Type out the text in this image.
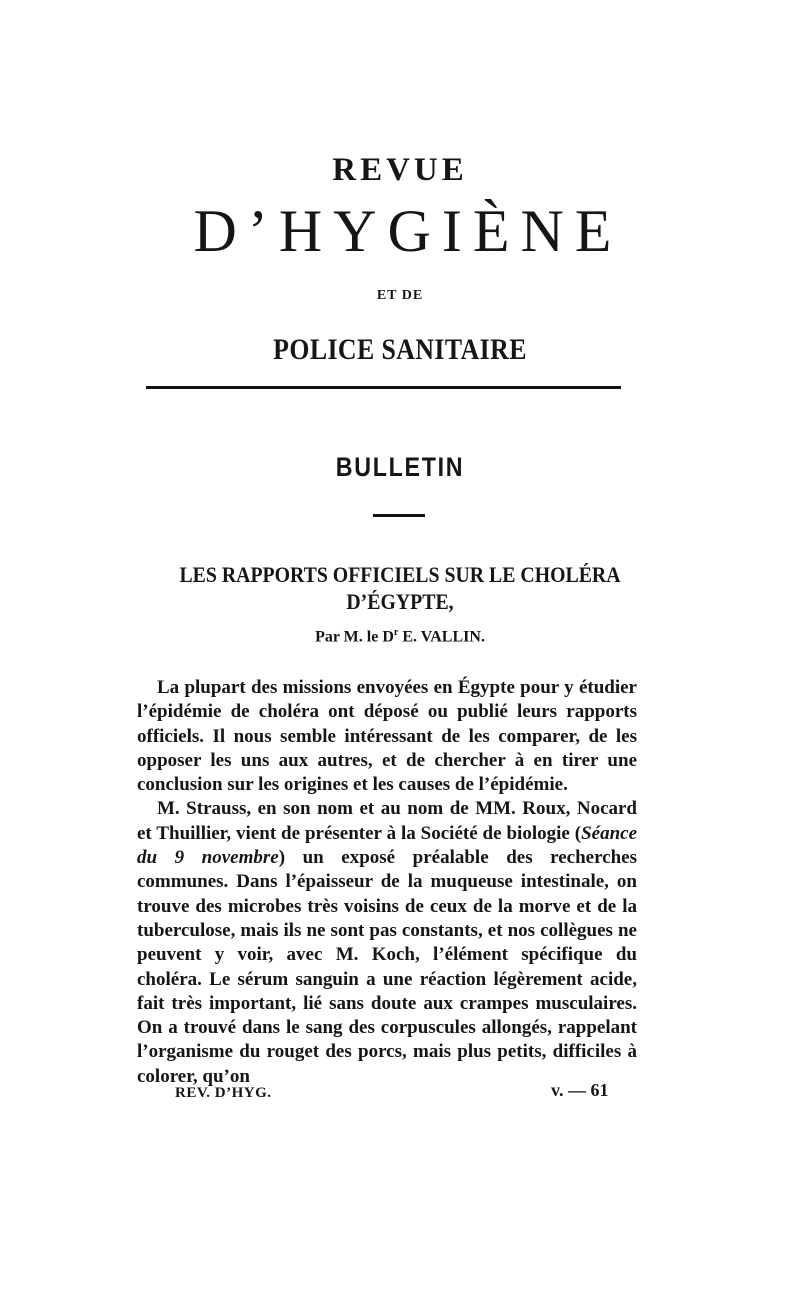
REVUE
D’HYGIÈNE
ET DE
POLICE SANITAIRE
BULLETIN
LES RAPPORTS OFFICIELS SUR LE CHOLÉRA
D’ÉGYPTE,
Par M. le $D^r$ E. VALLIN.

La plupart des missions envoyées en Égypte pour y étudier l’épidémie de choléra ont déposé ou publié leurs rapports officiels. Il nous semble intéressant de les comparer, de les opposer les uns aux autres, et de chercher à en tirer une conclusion sur les origines et les causes de l’épidémie.

M. Strauss, en son nom et au nom de MM. Roux, Nocard et Thuillier, vient de présenter à la Société de biologie (Séance du 9 novembre) un exposé préalable des recherches communes. Dans l’épaisseur de la muqueuse intestinale, on trouve des microbes très voisins de ceux de la morve et de la tuberculose, mais ils ne sont pas constants, et nos collègues ne peuvent y voir, avec M. Koch, l’élément spécifique du choléra. Le sérum sanguin a une réaction légèrement acide, fait très important, lié sans doute aux crampes musculaires. On a trouvé dans le sang des corpuscules allongés, rappelant l’organisme du rouget des porcs, mais plus petits, difficiles à colorer, qu’on

REV. D’HYG.	v. — 61
